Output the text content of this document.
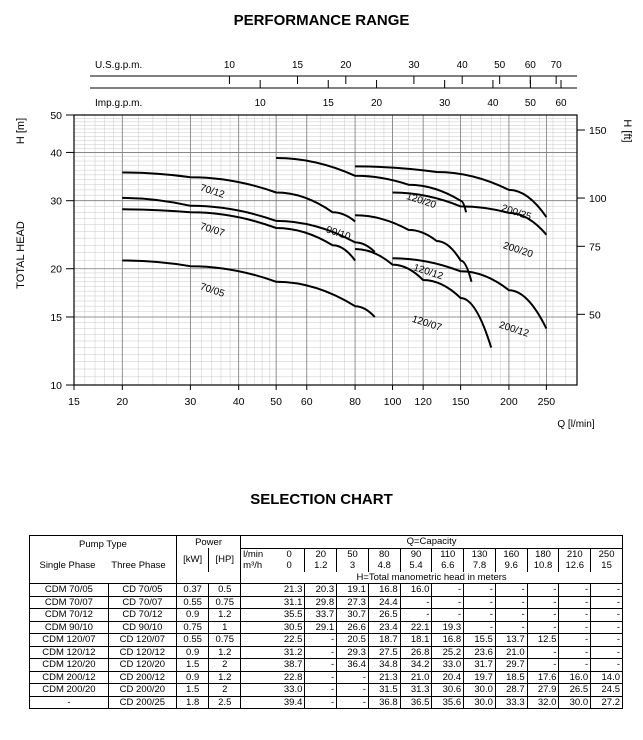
PERFORMANCE RANGE
15	20	30	40 50 60	80 100 120 150	200 250
Q [l/min]
10
15
20
30
40
50
TOTAL HEAD
H [m]
50
75
100
150 H [ft]
U.S.g.p.m.	10	15	20	30	40	50 60 70
Imp.g.p.m.	10	15	20	30	40	50 60
70/05
70/07
70/12
90/10
120/07
120/12
120/20
200/12
200/20
200/25
SELECTION CHART
Pump Type
Single Phase Three Phase		Power		Q=Capacity											
		[kW]	[HP]	l/min	0	20	50	80	90	110	130	160	180	210	250
				m³/h	0	1.2	3	4.8	5.4	6.6	7.8	9.6	10.8	12.6	15
				H=Total manometric head in meters											
CDM 70/05	CD 70/05	0.37	0.5		21.3	20.3	19.1	16.8	16.0	-	-	-	-	-	-
CDM 70/07	CD 70/07	0.55	0.75		31.1	29.8	27.3	24.4	-	-	-	-	-	-	-
CDM 70/12	CD 70/12	0.9	1.2		35.5	33.7	30.7	26.5	-	-	-	-	-	-	-
CDM 90/10	CD 90/10	0.75	1		30.5	29.1	26.6	23.4	22.1	19.3	-	-	-	-	-
CDM 120/07	CD 120/07	0.55	0.75		22.5	-	20.5	18.7	18.1	16.8	15.5	13.7	12.5	-	-
CDM 120/12	CD 120/12	0.9	1.2		31.2	-	29.3	27.5	26.8	25.2	23.6	21.0	-	-	-
CDM 120/20	CD 120/20	1.5	2		38.7	-	36.4	34.8	34.2	33.0	31.7	29.7	-	-	-
CDM 200/12	CD 200/12	0.9	1.2		22.8	-	-	21.3	21.0	20.4	19.7	18.5	17.6	16.0	14.0
CDM 200/20	CD 200/20	1.5	2		33.0	-	-	31.5	31.3	30.6	30.0	28.7	27.9	26.5	24.5
-	CD 200/25	1.8	2.5		39.4	-	-	36.8	36.5	35.6	30.0	33.3	32.0	30.0	27.2
